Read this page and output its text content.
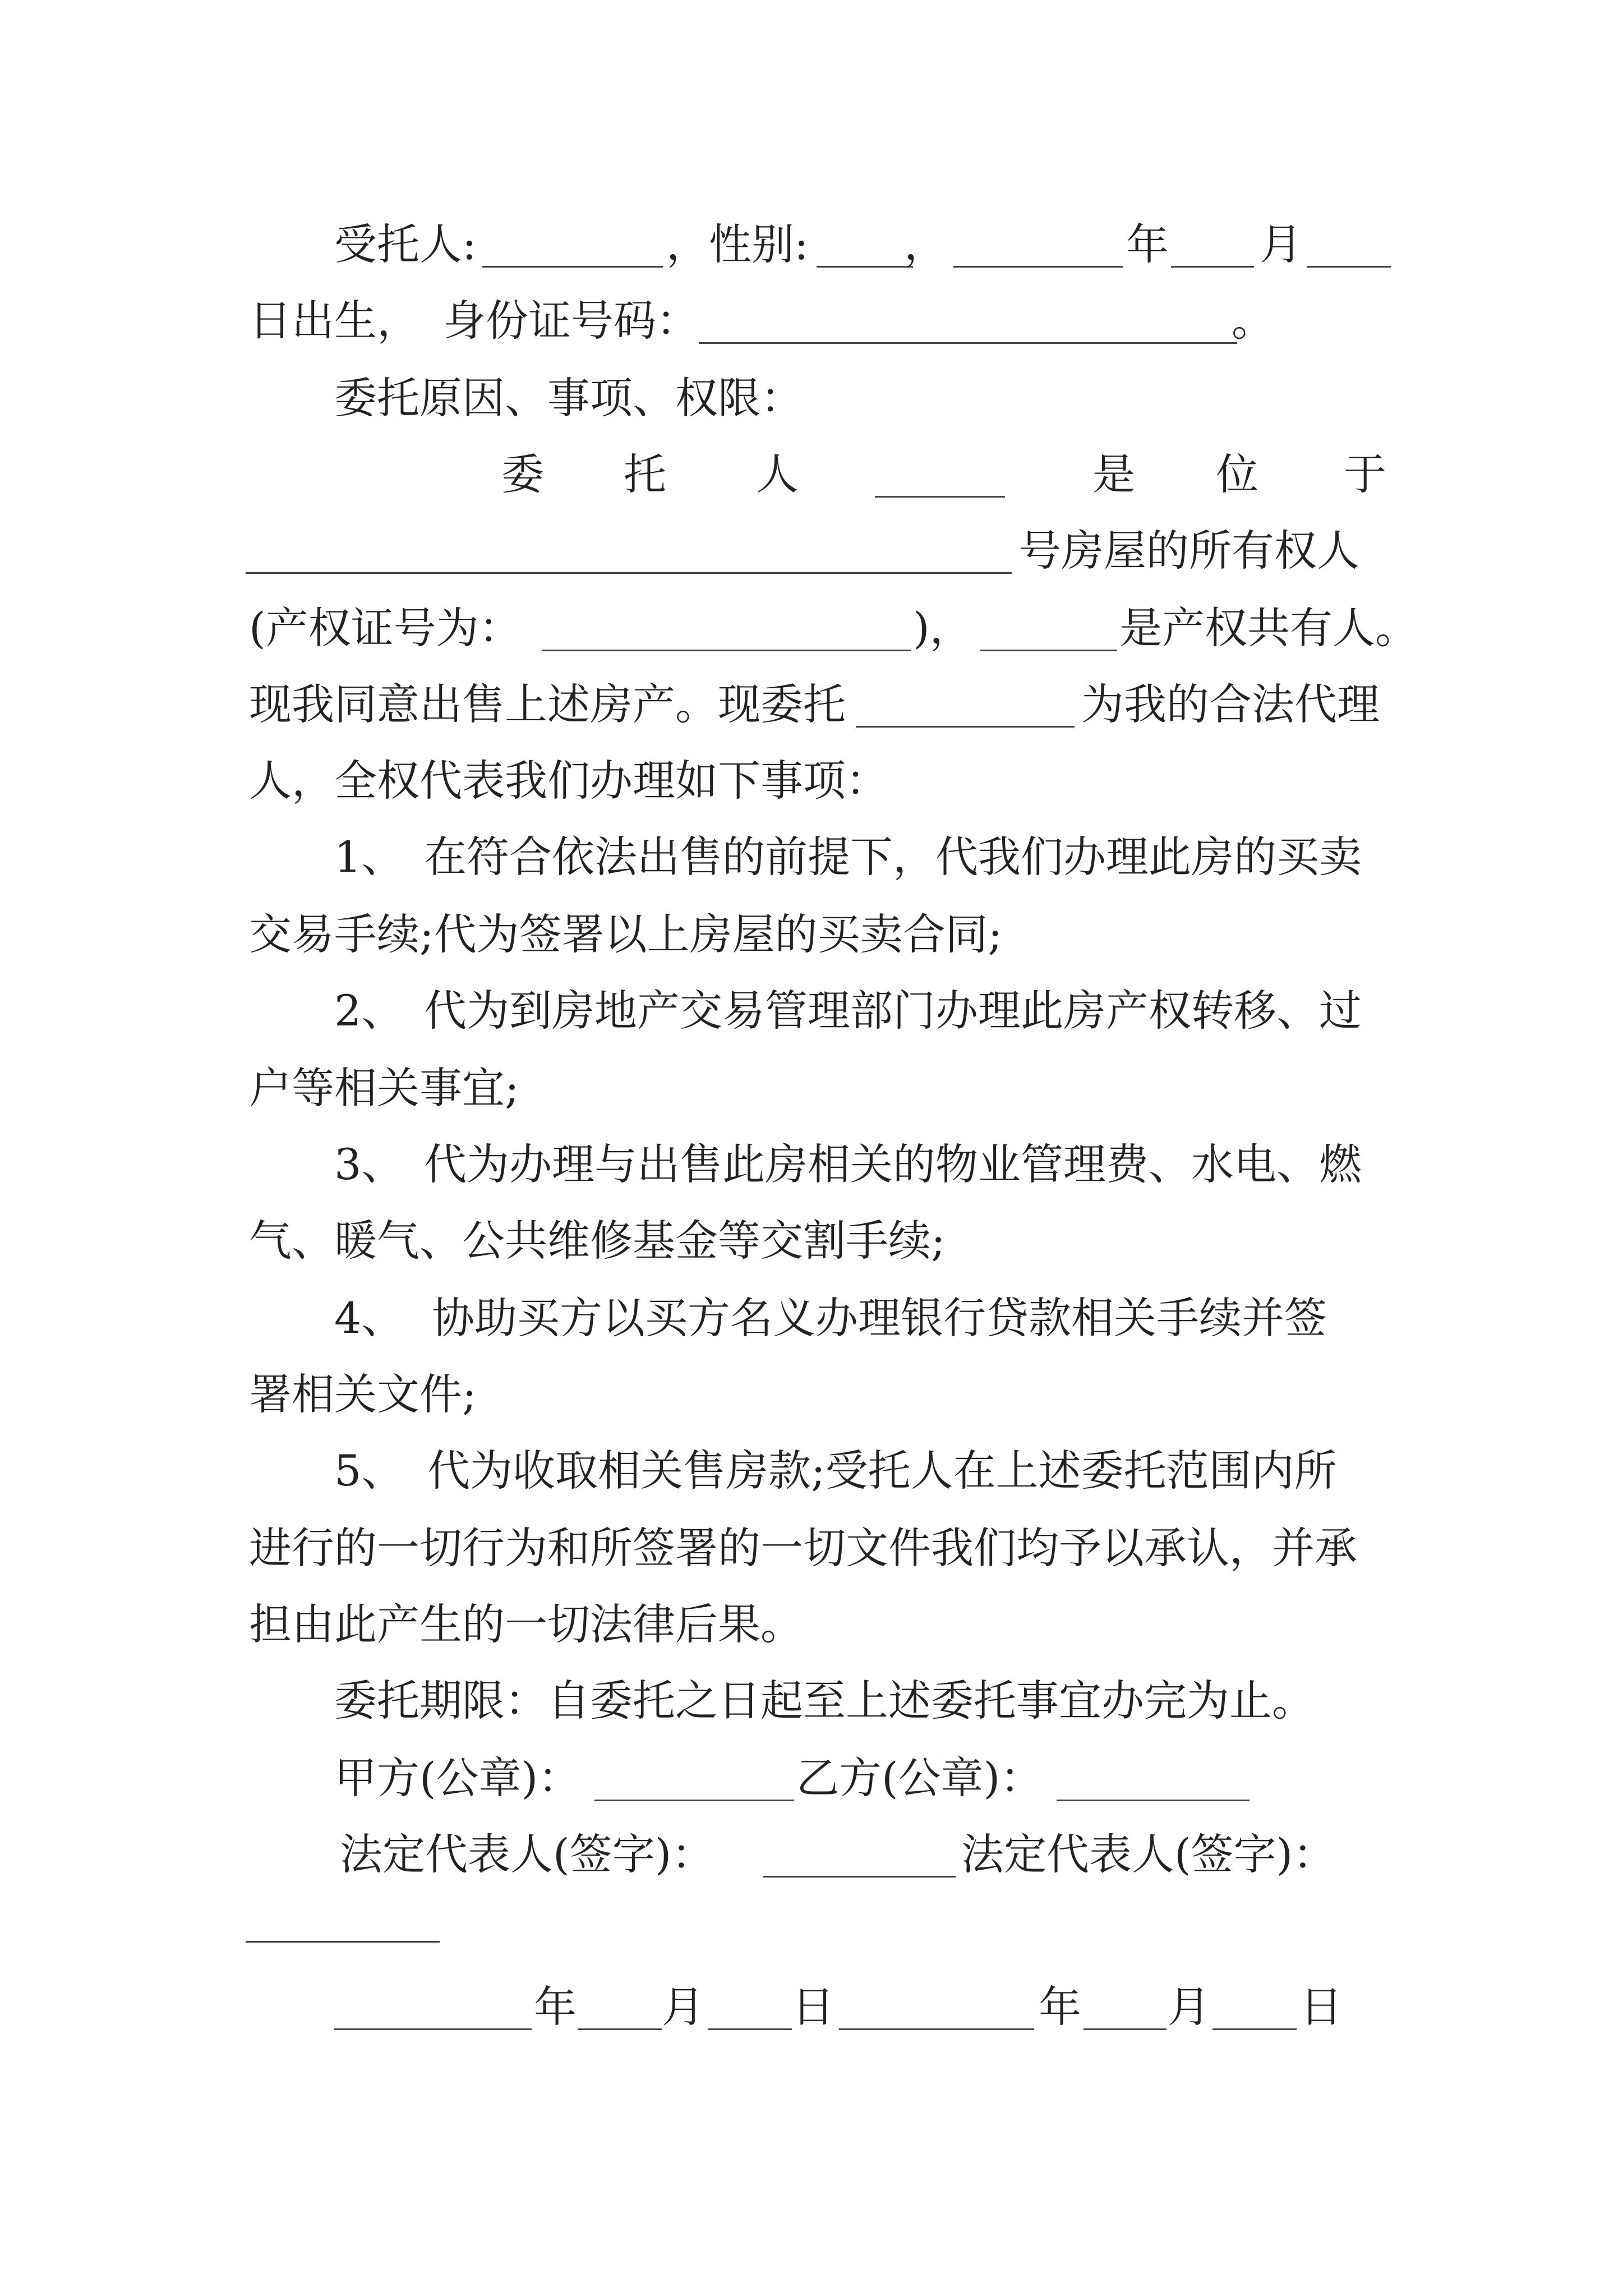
受托人:	，性别: ，	年 月
日出生， 身份证号码：	。
委托原因、事项、权限：
委 托 人	是 位 于
号房屋的所有权人
(产权证号为：	)，	是产权共有人。
现我同意出售上述房产。现委托	为我的合法代理
人，全权代表我们办理如下事项：
1、 在符合依法出售的前提下，代我们办理此房的买卖
交易手续;代为签署以上房屋的买卖合同;
2、 代为到房地产交易管理部门办理此房产权转移、过
户等相关事宜;
3、 代为办理与出售此房相关的物业管理费、水电、燃
气、暖气、公共维修基金等交割手续;
4、 协助买方以买方名义办理银行贷款相关手续并签
署相关文件;
5、 代为收取相关售房款;受托人在上述委托范围内所
进行的一切行为和所签署的一切文件我们均予以承认，并承
担由此产生的一切法律后果。
委托期限：自委托之日起至上述委托事宜办完为止。
甲方(公章)：	乙方(公章)：
法定代表人(签字)：	法定代表人(签字)：
年 月 日	年 月 日
